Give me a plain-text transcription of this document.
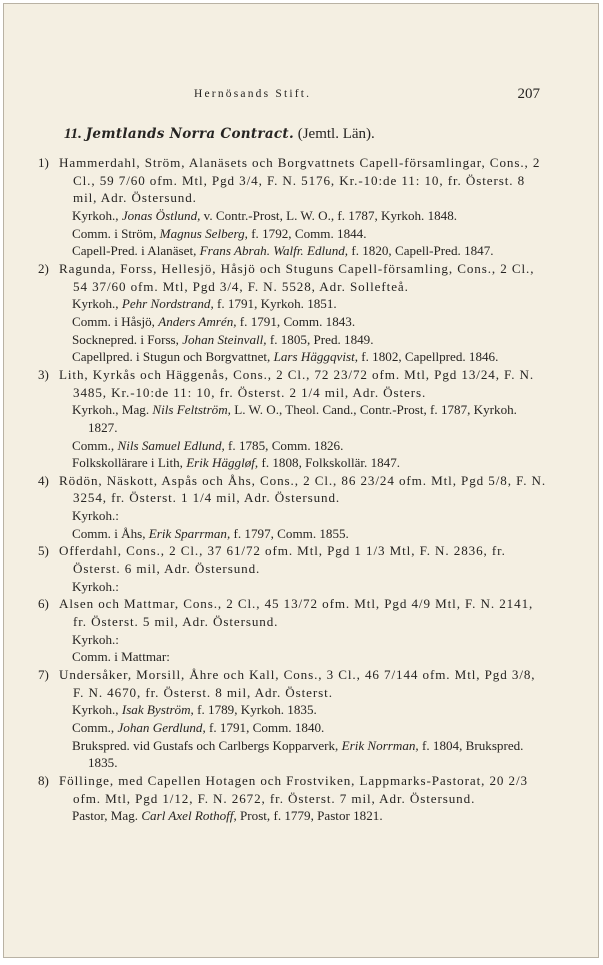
Hernösands Stift.	207
11. Jemtlands Norra Contract. (Jemtl. Län).
1) Hammerdahl, Ström, Alanäsets och Borgvattnets Capell-församlingar, Cons., 2 Cl., 59 7/60 ofm. Mtl, Pgd 3/4, F. N. 5176, Kr.-10:de 11: 10, fr. Österst. 8 mil, Adr. Östersund.
Kyrkoh., Jonas Östlund, v. Contr.-Prost, L. W. O., f. 1787, Kyrkoh. 1848.
Comm. i Ström, Magnus Selberg, f. 1792, Comm. 1844.
Capell-Pred. i Alanäset, Frans Abrah. Walfr. Edlund, f. 1820, Capell-Pred. 1847.
2) Ragunda, Forss, Hellesjö, Håsjö och Stuguns Capell-församling, Cons., 2 Cl., 54 37/60 ofm. Mtl, Pgd 3/4, F. N. 5528, Adr. Sollefteå.
Kyrkoh., Pehr Nordstrand, f. 1791, Kyrkoh. 1851.
Comm. i Håsjö, Anders Amrén, f. 1791, Comm. 1843.
Socknepred. i Forss, Johan Steinvall, f. 1805, Pred. 1849.
Capellpred. i Stugun och Borgvattnet, Lars Häggqvist, f. 1802, Capellpred. 1846.
3) Lith, Kyrkås och Häggenås, Cons., 2 Cl., 72 23/72 ofm. Mtl, Pgd 13/24, F. N. 3485, Kr.-10:de 11: 10, fr. Österst. 2 1/4 mil, Adr. Östers.
Kyrkoh., Mag. Nils Feltström, L. W. O., Theol. Cand., Contr.-Prost, f. 1787, Kyrkoh. 1827.
Comm., Nils Samuel Edlund, f. 1785, Comm. 1826.
Folkskollärare i Lith, Erik Häggløf, f. 1808, Folkskollär. 1847.
4) Rödön, Näskott, Aspås och Åhs, Cons., 2 Cl., 86 23/24 ofm. Mtl, Pgd 5/8, F. N. 3254, fr. Österst. 1 1/4 mil, Adr. Östersund.
Kyrkoh.:
Comm. i Åhs, Erik Sparrman, f. 1797, Comm. 1855.
5) Offerdahl, Cons., 2 Cl., 37 61/72 ofm. Mtl, Pgd 1 1/3 Mtl, F. N. 2836, fr. Österst. 6 mil, Adr. Östersund.
Kyrkoh.:
6) Alsen och Mattmar, Cons., 2 Cl., 45 13/72 ofm. Mtl, Pgd 4/9 Mtl, F. N. 2141, fr. Österst. 5 mil, Adr. Östersund.
Kyrkoh.:
Comm. i Mattmar:
7) Undersåker, Morsill, Åhre och Kall, Cons., 3 Cl., 46 7/144 ofm. Mtl, Pgd 3/8, F. N. 4670, fr. Österst. 8 mil, Adr. Österst.
Kyrkoh., Isak Byström, f. 1789, Kyrkoh. 1835.
Comm., Johan Gerdlund, f. 1791, Comm. 1840.
Brukspred. vid Gustafs och Carlbergs Kopparverk, Erik Norrman, f. 1804, Brukspred. 1835.
8) Föllinge, med Capellen Hotagen och Frostviken, Lappmarks-Pastorat, 20 2/3 ofm. Mtl, Pgd 1/12, F. N. 2672, fr. Österst. 7 mil, Adr. Östersund.
Pastor, Mag. Carl Axel Rothoff, Prost, f. 1779, Pastor 1821.
